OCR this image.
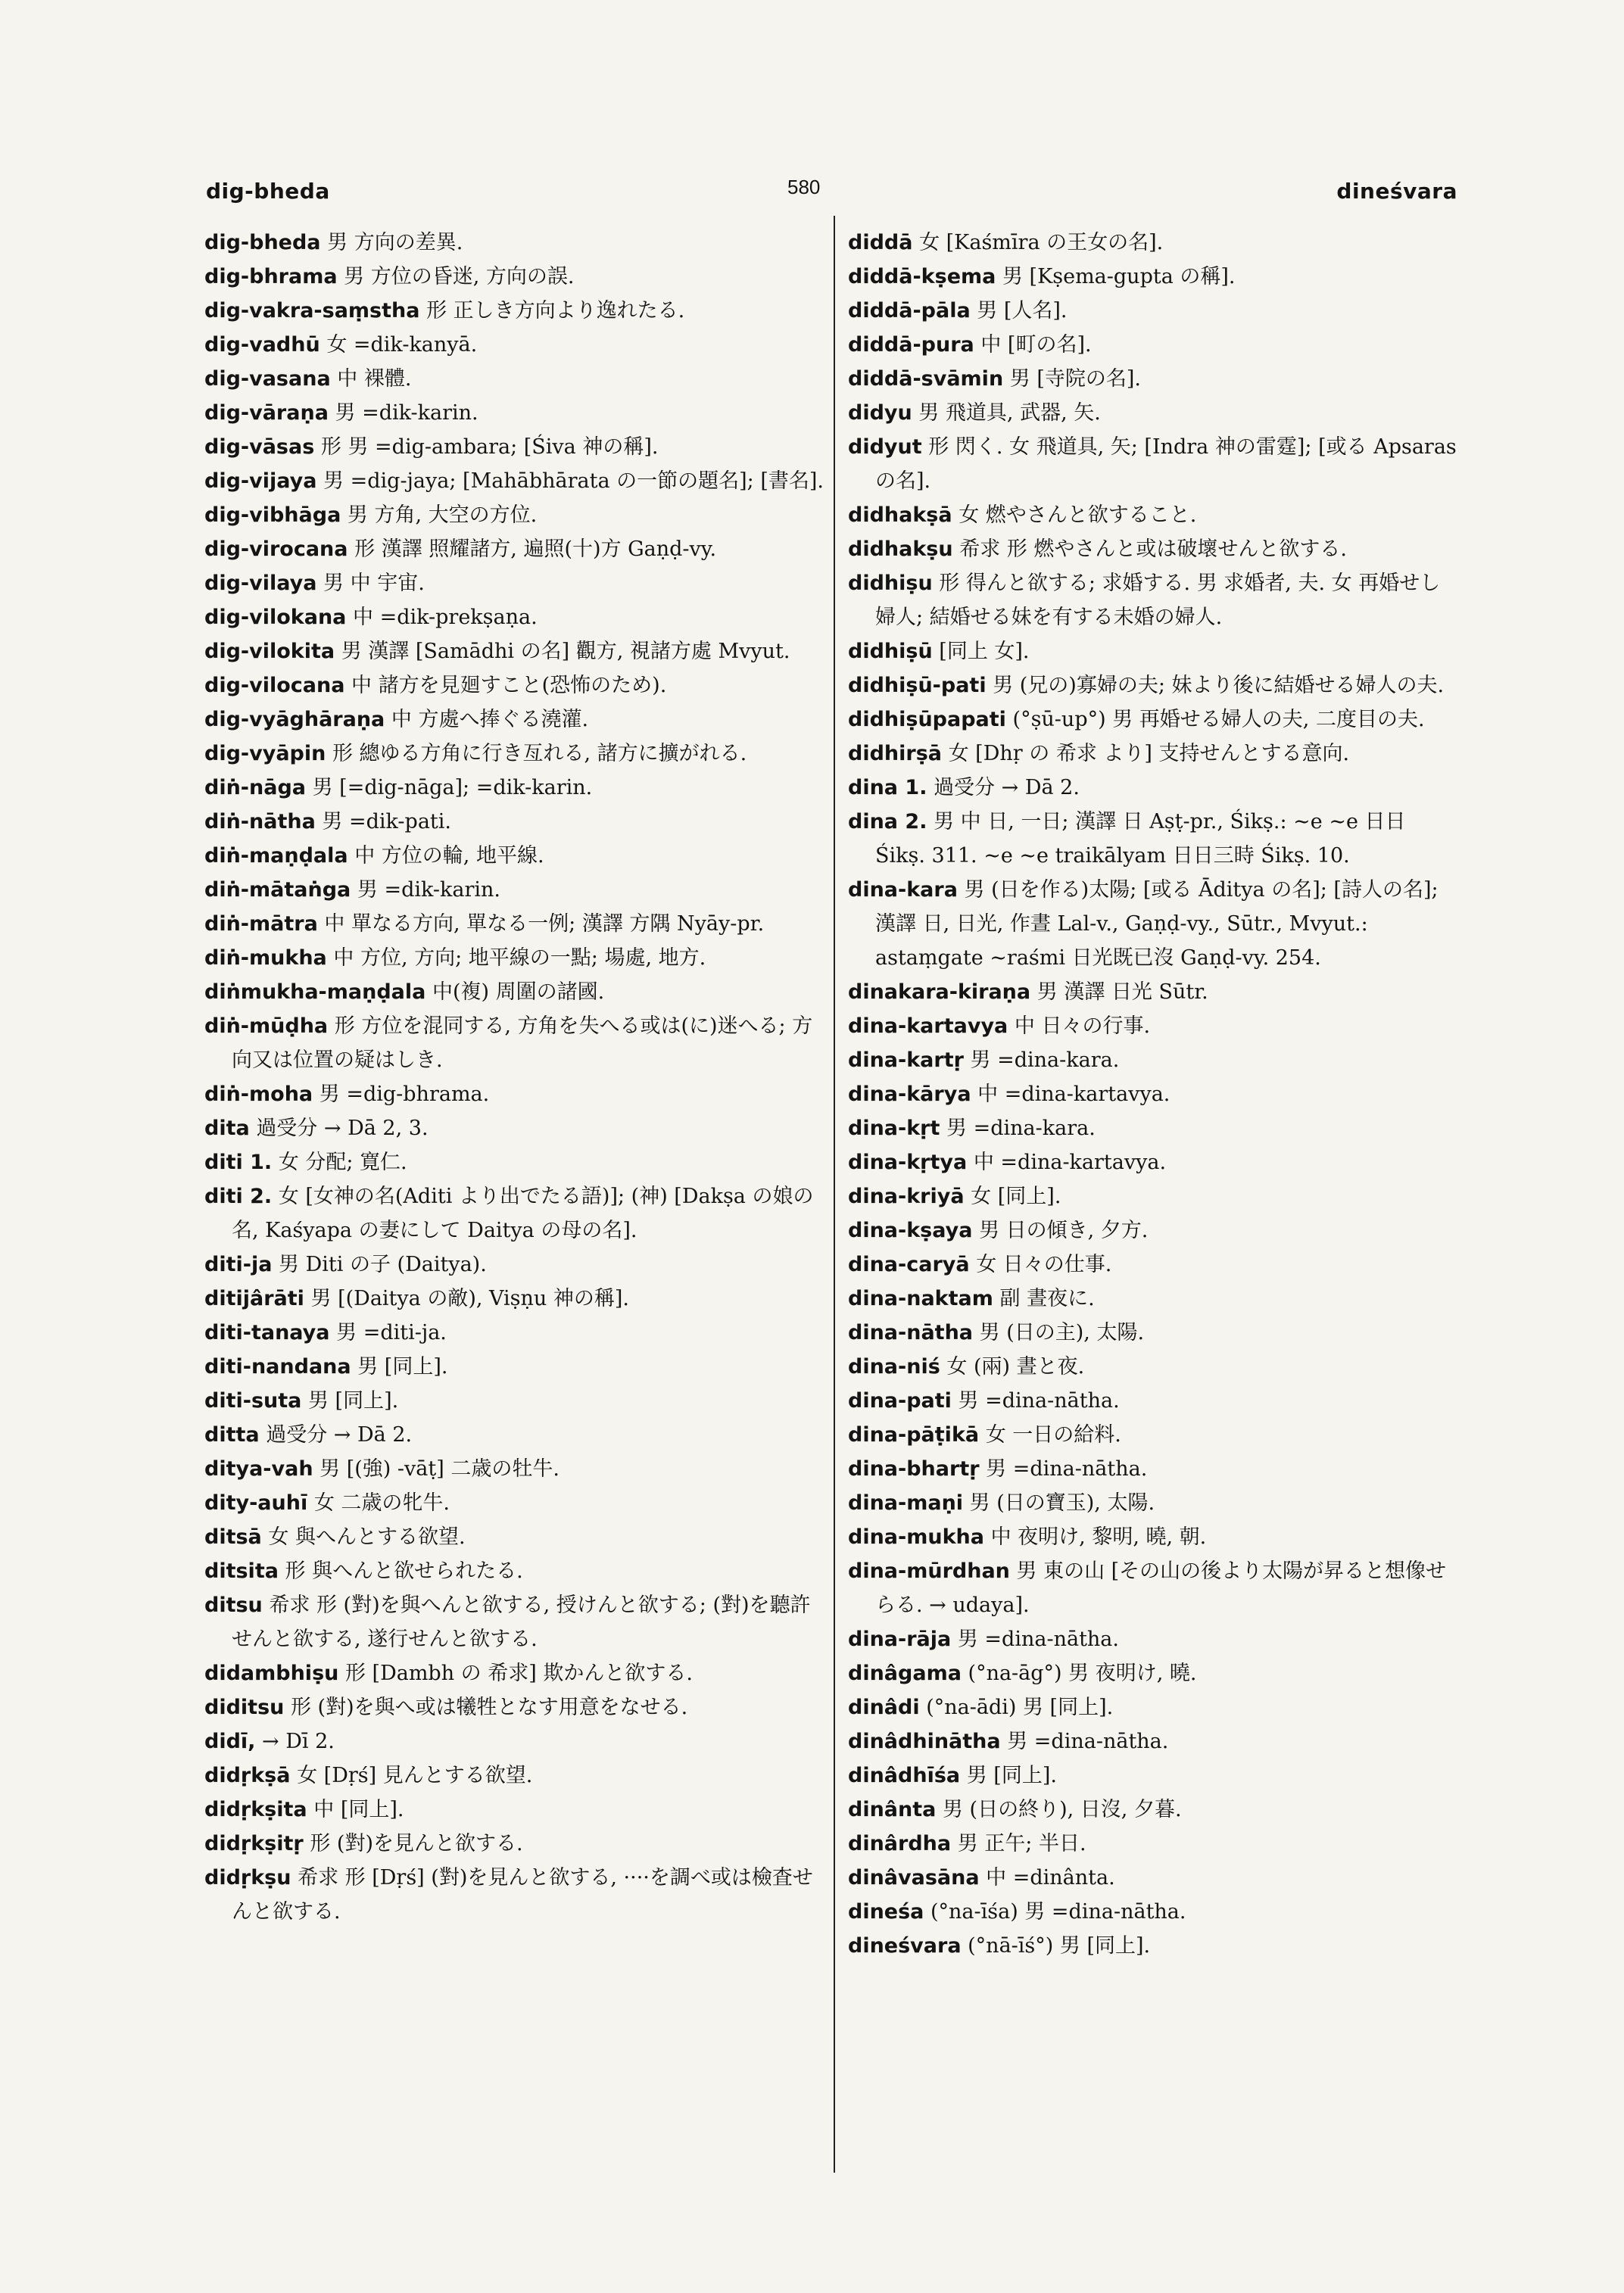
dig-bheda	580	dineśvara
dig-bheda 男 方向の差異.
dig-bhrama 男 方位の昏迷, 方向の誤.
dig-vakra-saṃstha 形 正しき方向より逸れたる.
dig-vadhū 女 =dik-kanyā.
dig-vasana 中 裸體.
dig-vāraṇa 男 =dik-karin.
dig-vāsas 形 男 =dig-ambara; [Śiva 神の稱].
dig-vijaya 男 =dig-jaya; [Mahābhārata の一節の題名]; [書名].
dig-vibhāga 男 方角, 大空の方位.
dig-virocana 形 漢譯 照耀諸方, 遍照(十)方 Gaṇḍ-vy.
dig-vilaya 男 中 宇宙.
dig-vilokana 中 =dik-prekṣaṇa.
dig-vilokita 男 漢譯 [Samādhi の名] 觀方, 視諸方處 Mvyut.
dig-vilocana 中 諸方を見廻すこと(恐怖のため).
dig-vyāghāraṇa 中 方處へ捧ぐる澆灌.
dig-vyāpin 形 總ゆる方角に行き亙れる, 諸方に擴がれる.
diṅ-nāga 男 [=dig-nāga]; =dik-karin.
diṅ-nātha 男 =dik-pati.
diṅ-maṇḍala 中 方位の輪, 地平線.
diṅ-mātaṅga 男 =dik-karin.
diṅ-mātra 中 單なる方向, 單なる一例; 漢譯 方隅 Nyāy-pr.
diṅ-mukha 中 方位, 方向; 地平線の一點; 場處, 地方.
diṅmukha-maṇḍala 中(複) 周圍の諸國.
diṅ-mūḍha 形 方位を混同する, 方角を失へる或は(に)迷へる; 方向又は位置の疑はしき.
diṅ-moha 男 =dig-bhrama.
dita 過受分 → Dā 2, 3.
diti 1. 女 分配; 寛仁.
diti 2. 女 [女神の名(Aditi より出でたる語)]; (神) [Dakṣa の娘の名, Kaśyapa の妻にして Daitya の母の名].
diti-ja 男 Diti の子 (Daitya).
ditijârāti 男 [(Daitya の敵), Viṣṇu 神の稱].
diti-tanaya 男 =diti-ja.
diti-nandana 男 [同上].
diti-suta 男 [同上].
ditta 過受分 → Dā 2.
ditya-vah 男 [(強) -vāṭ] 二歳の牡牛.
dity-auhī 女 二歳の牝牛.
ditsā 女 與へんとする欲望.
ditsita 形 與へんと欲せられたる.
ditsu 希求 形 (對)を與へんと欲する, 授けんと欲する; (對)を聽許せんと欲する, 遂行せんと欲する.
didambhiṣu 形 [Dambh の 希求] 欺かんと欲する.
diditsu 形 (對)を與へ或は犧牲となす用意をなせる.
didī, → Dī 2.
didṛkṣā 女 [Dṛś] 見んとする欲望.
didṛkṣita 中 [同上].
didṛkṣitṛ 形 (對)を見んと欲する.
didṛkṣu 希求 形 [Dṛś] (對)を見んと欲する, ····を調べ或は檢査せんと欲する.
diddā 女 [Kaśmīra の王女の名].
diddā-kṣema 男 [Kṣema-gupta の稱].
diddā-pāla 男 [人名].
diddā-pura 中 [町の名].
diddā-svāmin 男 [寺院の名].
didyu 男 飛道具, 武器, 矢.
didyut 形 閃く. 女 飛道具, 矢; [Indra 神の雷霆]; [或る Apsaras の名].
didhakṣā 女 燃やさんと欲すること.
didhakṣu 希求 形 燃やさんと或は破壞せんと欲する.
didhiṣu 形 得んと欲する; 求婚する. 男 求婚者, 夫. 女 再婚せし婦人; 結婚せる妹を有する未婚の婦人.
didhiṣū [同上 女].
didhiṣū-pati 男 (兄の)寡婦の夫; 妹より後に結婚せる婦人の夫.
didhiṣūpapati (°ṣū-up°) 男 再婚せる婦人の夫, 二度目の夫.
didhirṣā 女 [Dhṛ の 希求 より] 支持せんとする意向.
dina 1. 過受分 → Dā 2.
dina 2. 男 中 日, 一日; 漢譯 日 Aṣṭ-pr., Śikṣ.: ∼e ∼e 日日 Śikṣ. 311. ∼e ∼e traikālyam 日日三時 Śikṣ. 10.
dina-kara 男 (日を作る)太陽; [或る Āditya の名]; [詩人の名]; 漢譯 日, 日光, 作晝 Lal-v., Gaṇḍ-vy., Sūtr., Mvyut.: astaṃgate ∼raśmi 日光既已沒 Gaṇḍ-vy. 254.
dinakara-kiraṇa 男 漢譯 日光 Sūtr.
dina-kartavya 中 日々の行事.
dina-kartṛ 男 =dina-kara.
dina-kārya 中 =dina-kartavya.
dina-kṛt 男 =dina-kara.
dina-kṛtya 中 =dina-kartavya.
dina-kriyā 女 [同上].
dina-kṣaya 男 日の傾き, 夕方.
dina-caryā 女 日々の仕事.
dina-naktam 副 晝夜に.
dina-nātha 男 (日の主), 太陽.
dina-niś 女 (兩) 晝と夜.
dina-pati 男 =dina-nātha.
dina-pāṭikā 女 一日の給料.
dina-bhartṛ 男 =dina-nātha.
dina-maṇi 男 (日の寶玉), 太陽.
dina-mukha 中 夜明け, 黎明, 曉, 朝.
dina-mūrdhan 男 東の山 [その山の後より太陽が昇ると想像せらる. → udaya].
dina-rāja 男 =dina-nātha.
dinâgama (°na-āg°) 男 夜明け, 曉.
dinâdi (°na-ādi) 男 [同上].
dinâdhinātha 男 =dina-nātha.
dinâdhīśa 男 [同上].
dinânta 男 (日の終り), 日沒, 夕暮.
dinârdha 男 正午; 半日.
dinâvasāna 中 =dinânta.
dineśa (°na-īśa) 男 =dina-nātha.
dineśvara (°nā-īś°) 男 [同上].
